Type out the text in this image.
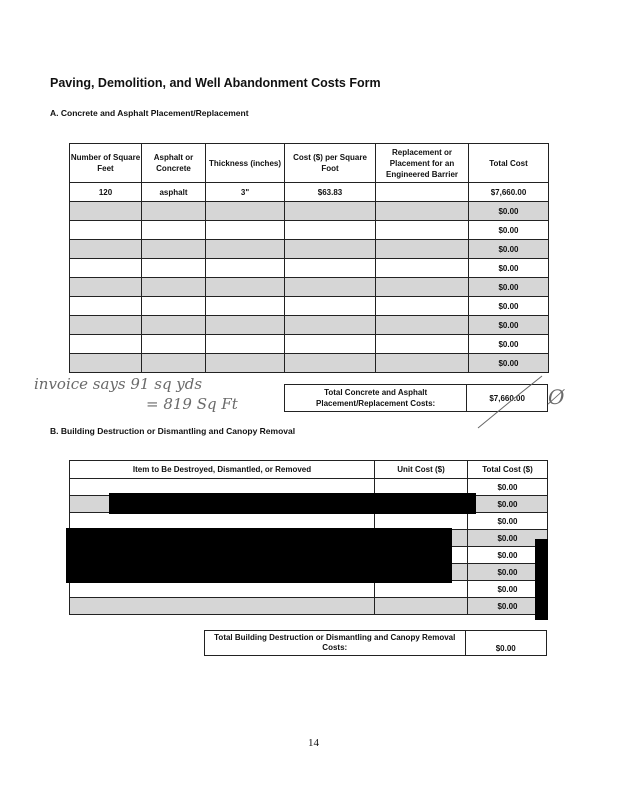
Paving, Demolition, and Well Abandonment Costs Form
A. Concrete and Asphalt Placement/Replacement
Number of Square Feet	Asphalt or Concrete	Thickness (inches)	Cost ($) per Square Foot	Replacement or Placement for an Engineered Barrier	Total Cost
120	asphalt	3"	$63.83		$7,660.00
					$0.00
					$0.00
					$0.00
					$0.00
					$0.00
					$0.00
					$0.00
					$0.00
					$0.00
Total Concrete and Asphalt Placement/Replacement Costs:	$7,660.00
invoice says 91 sq yds
= 819 Sq Ft	Ø
B. Building Destruction or Dismantling and Canopy Removal
Item to Be Destroyed, Dismantled, or Removed	Unit Cost ($)	Total Cost ($)
		$0.00
		$0.00
		$0.00
		$0.00
		$0.00
		$0.00
		$0.00
		$0.00
Total Building Destruction or Dismantling and Canopy Removal Costs:	$0.00
14
